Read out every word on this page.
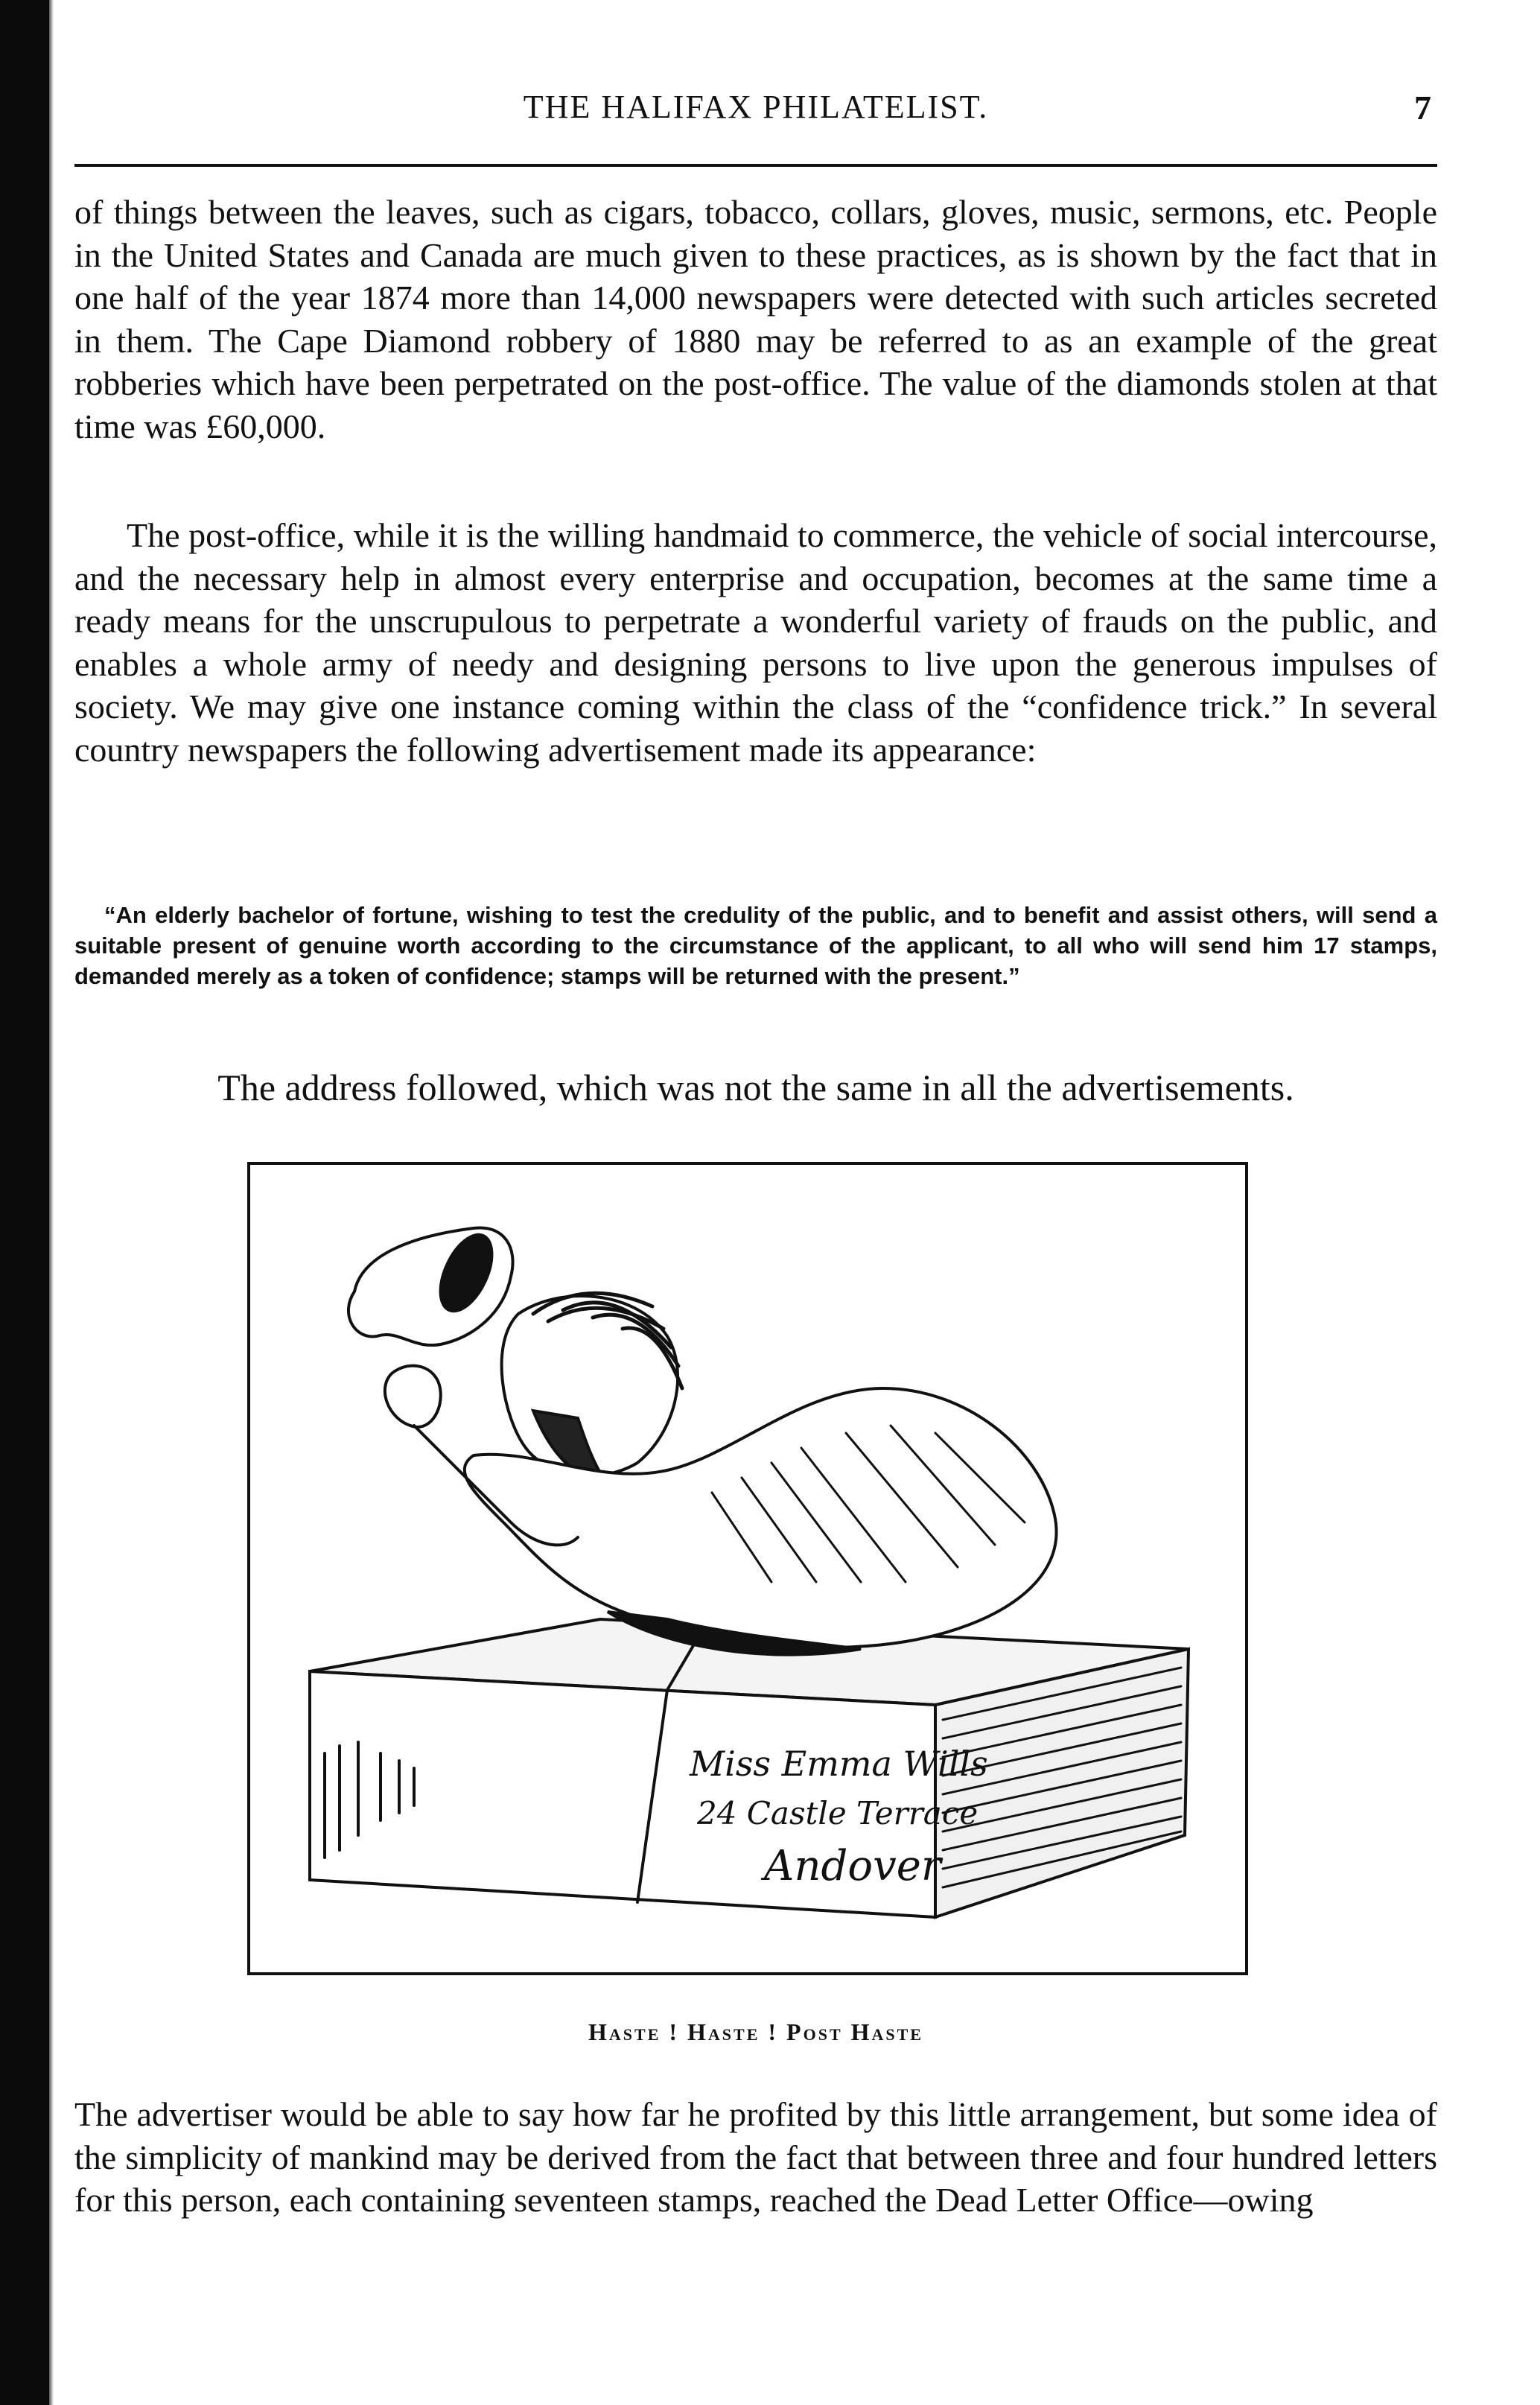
THE HALIFAX PHILATELIST.	7

of things between the leaves, such as cigars, tobacco, collars, gloves, music, sermons, etc. People in the United States and Canada are much given to these practices, as is shown by the fact that in one half of the year 1874 more than 14,000 newspapers were detected with such articles secreted in them. The Cape Diamond robbery of 1880 may be referred to as an example of the great robberies which have been perpetrated on the post-office. The value of the diamonds stolen at that time was £60,000.

The post-office, while it is the willing handmaid to commerce, the vehicle of social intercourse, and the necessary help in almost every enterprise and occupation, becomes at the same time a ready means for the unscrupulous to perpetrate a wonderful variety of frauds on the public, and enables a whole army of needy and designing persons to live upon the generous impulses of society. We may give one instance coming within the class of the “confidence trick.” In several country newspapers the following advertisement made its appearance:

“An elderly bachelor of fortune, wishing to test the credulity of the public, and to benefit and assist others, will send a suitable present of genuine worth according to the circumstance of the applicant, to all who will send him 17 stamps, demanded merely as a token of confidence; stamps will be returned with the present.”

The address followed, which was not the same in all the advertisements.

Miss Emma Wills
24 Castle Terrace
Andover

Haste ! Haste ! Post Haste

The advertiser would be able to say how far he profited by this little arrangement, but some idea of the simplicity of mankind may be derived from the fact that between three and four hundred letters for this person, each containing seventeen stamps, reached the Dead Letter Office—owing
